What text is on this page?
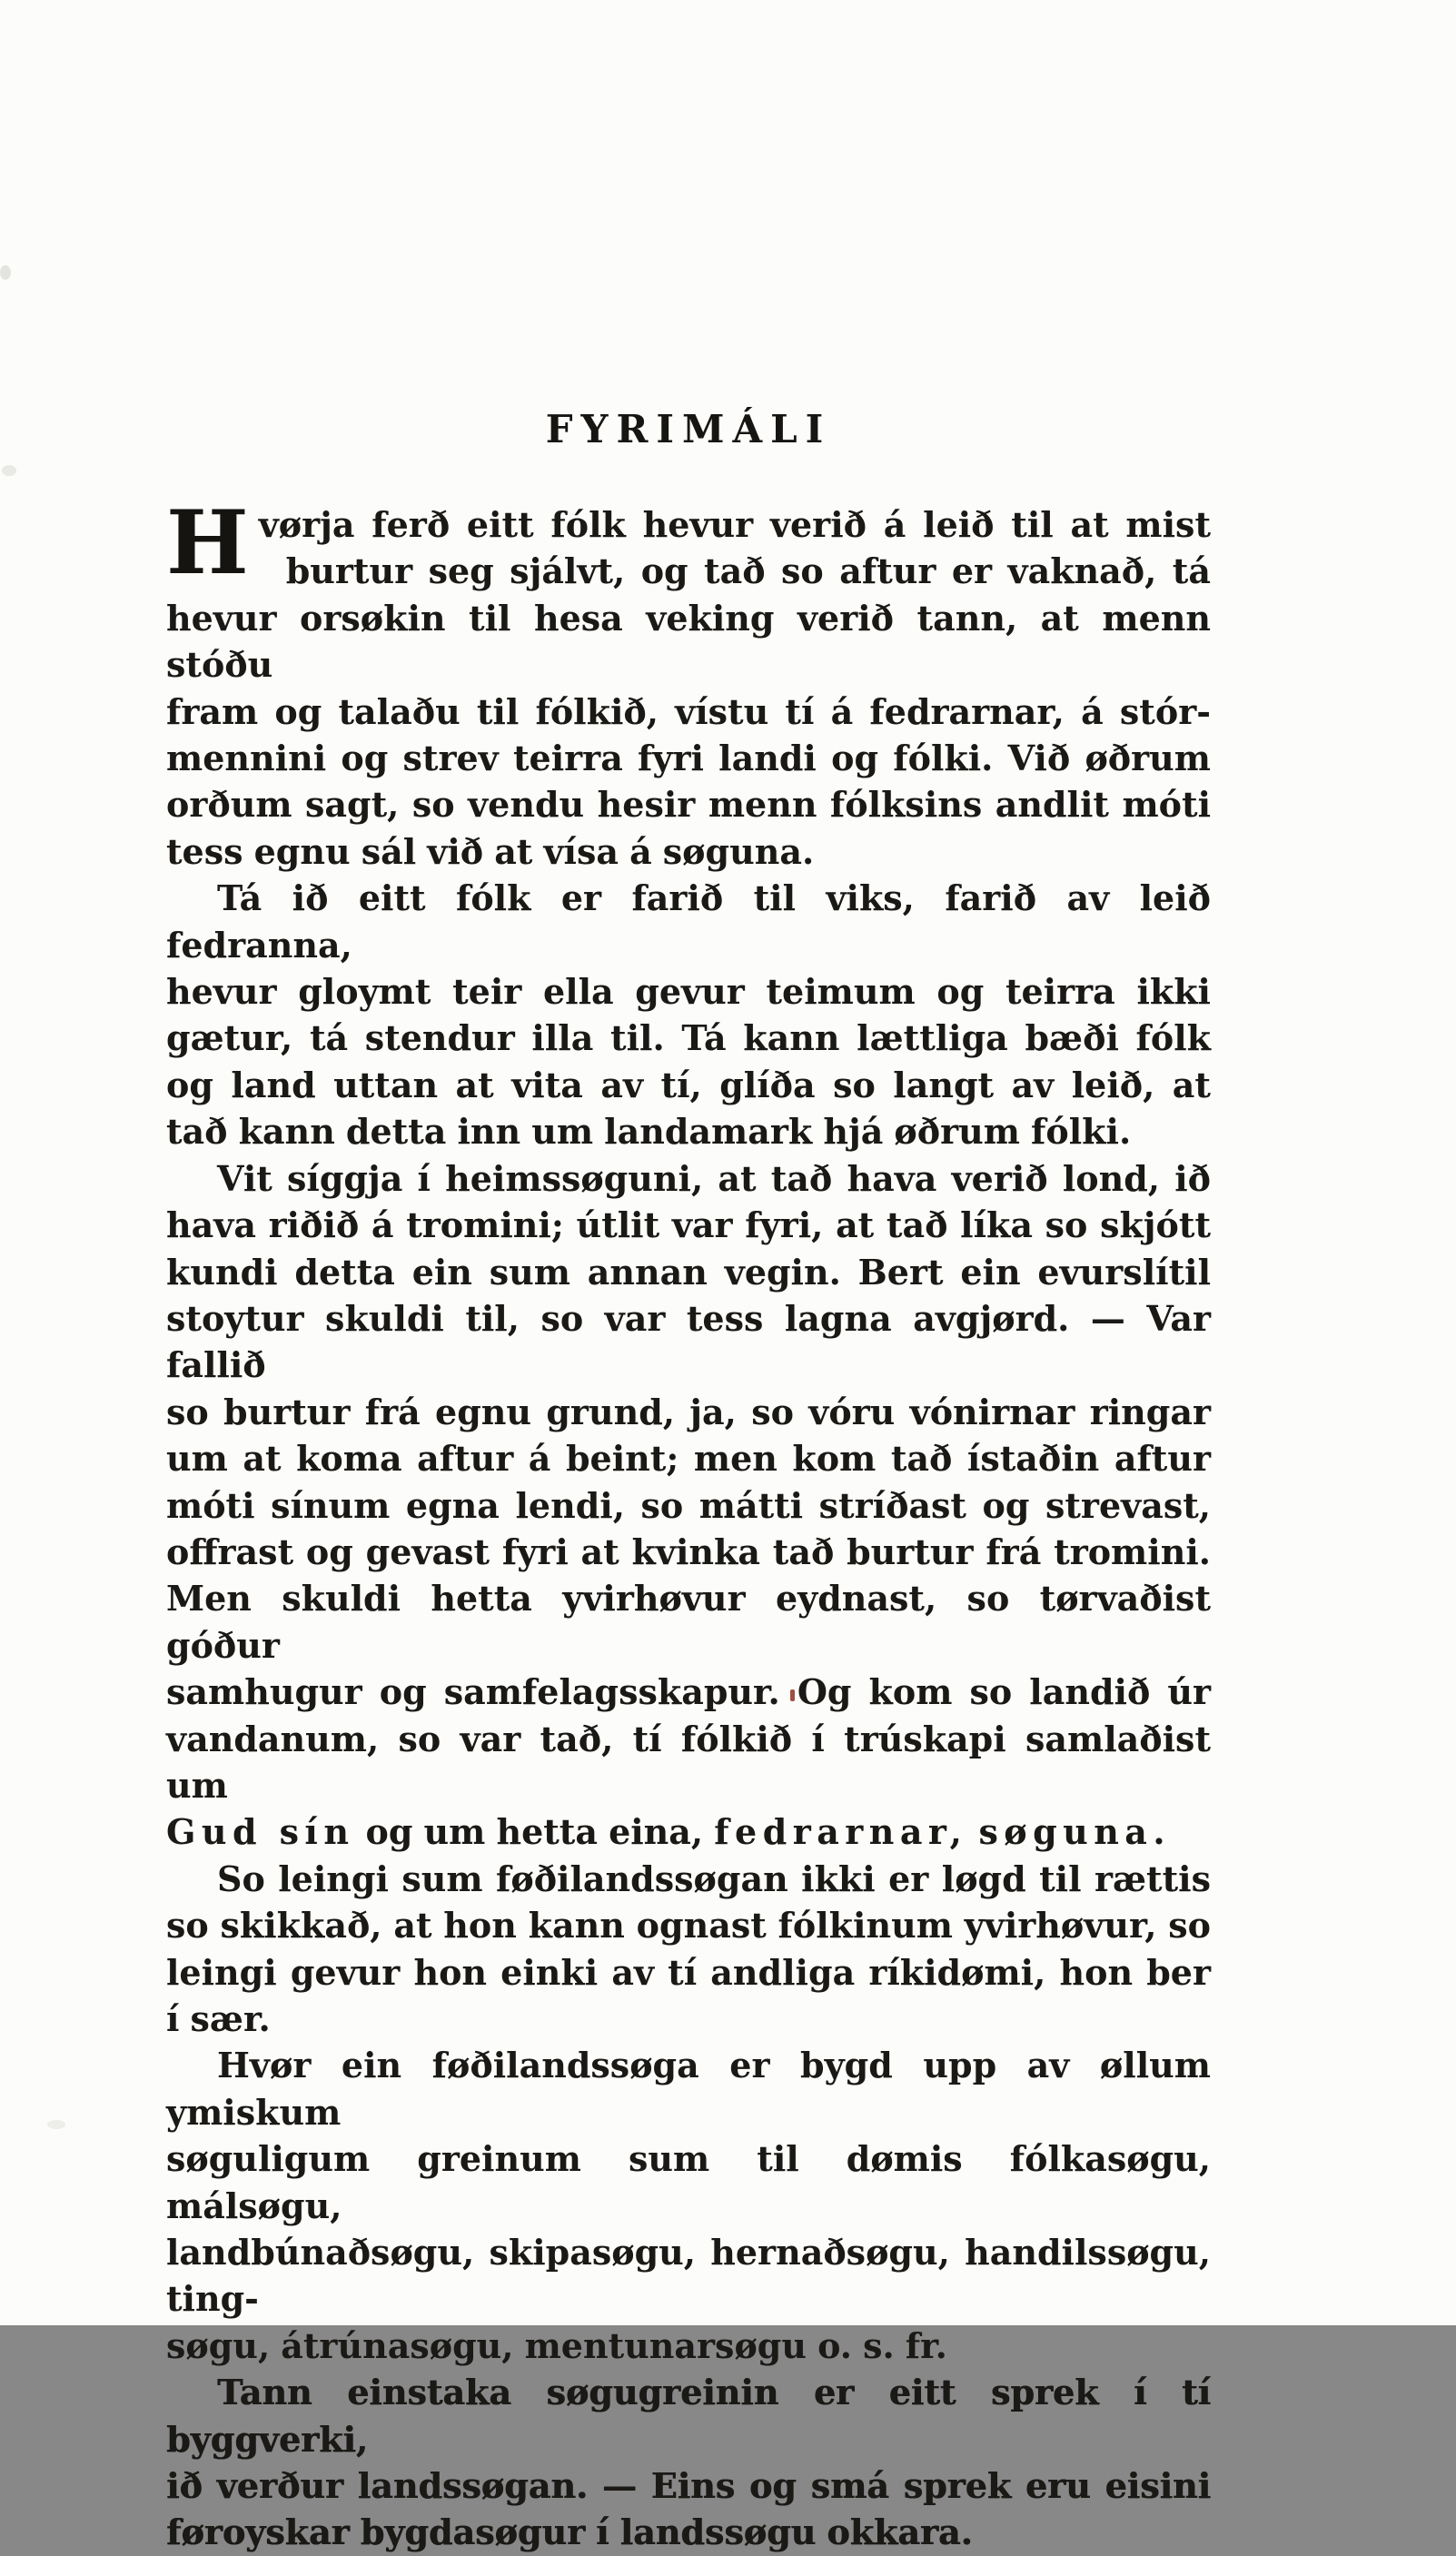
FYRIMÁLI
H vørja ferð eitt fólk hevur verið á leið til at mist
burtur seg sjálvt, og tað so aftur er vaknað, tá
hevur orsøkin til hesa veking verið tann, at menn stóðu
fram og talaðu til fólkið, vístu tí á fedrarnar, á stór-
mennini og strev teirra fyri landi og fólki. Við øðrum
orðum sagt, so vendu hesir menn fólksins andlit móti
tess egnu sál við at vísa á søguna.
Tá ið eitt fólk er farið til viks, farið av leið fedranna,
hevur gloymt teir ella gevur teimum og teirra ikki
gætur, tá stendur illa til. Tá kann lættliga bæði fólk
og land uttan at vita av tí, glíða so langt av leið, at
tað kann detta inn um landamark hjá øðrum fólki.
Vit síggja í heimssøguni, at tað hava verið lond, ið
hava riðið á tromini; útlit var fyri, at tað líka so skjótt
kundi detta ein sum annan vegin. Bert ein evurslítil
stoytur skuldi til, so var tess lagna avgjørd. — Var fallið
so burtur frá egnu grund, ja, so vóru vónirnar ringar
um at koma aftur á beint; men kom tað ístaðin aftur
móti sínum egna lendi, so mátti stríðast og strevast,
offrast og gevast fyri at kvinka tað burtur frá tromini.
Men skuldi hetta yvirhøvur eydnast, so tørvaðist góður
samhugur og samfelagsskapur. Og kom so landið úr
vandanum, so var tað, tí fólkið í trúskapi samlaðist um
Gud sín og um hetta eina, fedrarnar, søguna.
So leingi sum føðilandssøgan ikki er løgd til rættis
so skikkað, at hon kann ognast fólkinum yvirhøvur, so
leingi gevur hon einki av tí andliga ríkidømi, hon ber
í sær.
Hvør ein føðilandssøga er bygd upp av øllum ymiskum
søguligum greinum sum til dømis fólkasøgu, málsøgu,
landbúnaðsøgu, skipasøgu, hernaðsøgu, handilssøgu, ting-
søgu, átrúnasøgu, mentunarsøgu o. s. fr.
Tann einstaka søgugreinin er eitt sprek í tí byggverki,
ið verður landssøgan. — Eins og smá sprek eru eisini
føroyskar bygdasøgur í landssøgu okkara.
